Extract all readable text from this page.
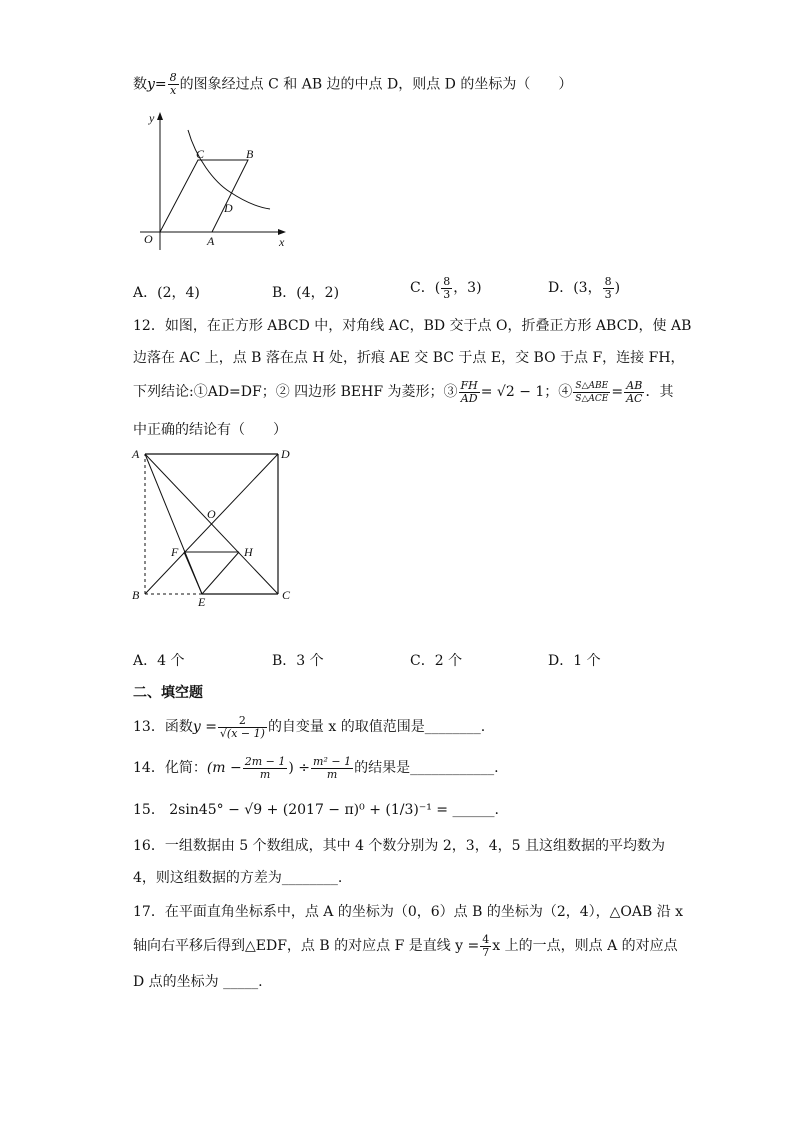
数$y= \frac{8}{x}$ 的图象经过点 C 和 AB 边的中点 D，则点 D 的坐标为（　　）
y
x
O	A
B
C
D
A．(2，4)	B．(4，2)	C．( $\frac{8}{3}$ ，3)	D．(3， $\frac{8}{3}$ )
12．如图，在正方形 ABCD 中，对角线 AC，BD 交于点 O，折叠正方形 ABCD，使 AB
边落在 AC 上，点 B 落在点 H 处，折痕 AE 交 BC 于点 E，交 BO 于点 F，连接 FH，
下列结论:①AD=DF；② 四边形 BEHF 为菱形；③ $\frac{FH}{AD} = √2 - 1$；④ $\frac{\text{S△ABE}}{\text{S△ACE}} = \frac{AB}{AC}$ ．其
中正确的结论有（　　）
A	D
B	C
O
F	H
E
A．4 个	B．3 个	C．2 个	D．1 个
二、填空题
13．函数$y = \frac{2}{√(x - 1)}$ 的自变量 x 的取值范围是________.
14．化简：($m - \frac{2m - 1}{m}$ ) ÷ $\frac{\text{m² − 1}}{m}$ 的结果是____________.
15． 2sin45° − √9 + (2017 − π)⁰ + (1/3)⁻¹ = ______.
16．一组数据由 5 个数组成，其中 4 个数分别为 2，3，4，5 且这组数据的平均数为
4，则这组数据的方差为________.
17．在平面直角坐标系中，点 A 的坐标为（0，6）点 B 的坐标为（2，4），△OAB 沿 x
轴向右平移后得到△EDF，点 B 的对应点 F 是直线 $y = \frac{4}{7}$ x 上的一点，则点 A 的对应点
D 点的坐标为 _____.
